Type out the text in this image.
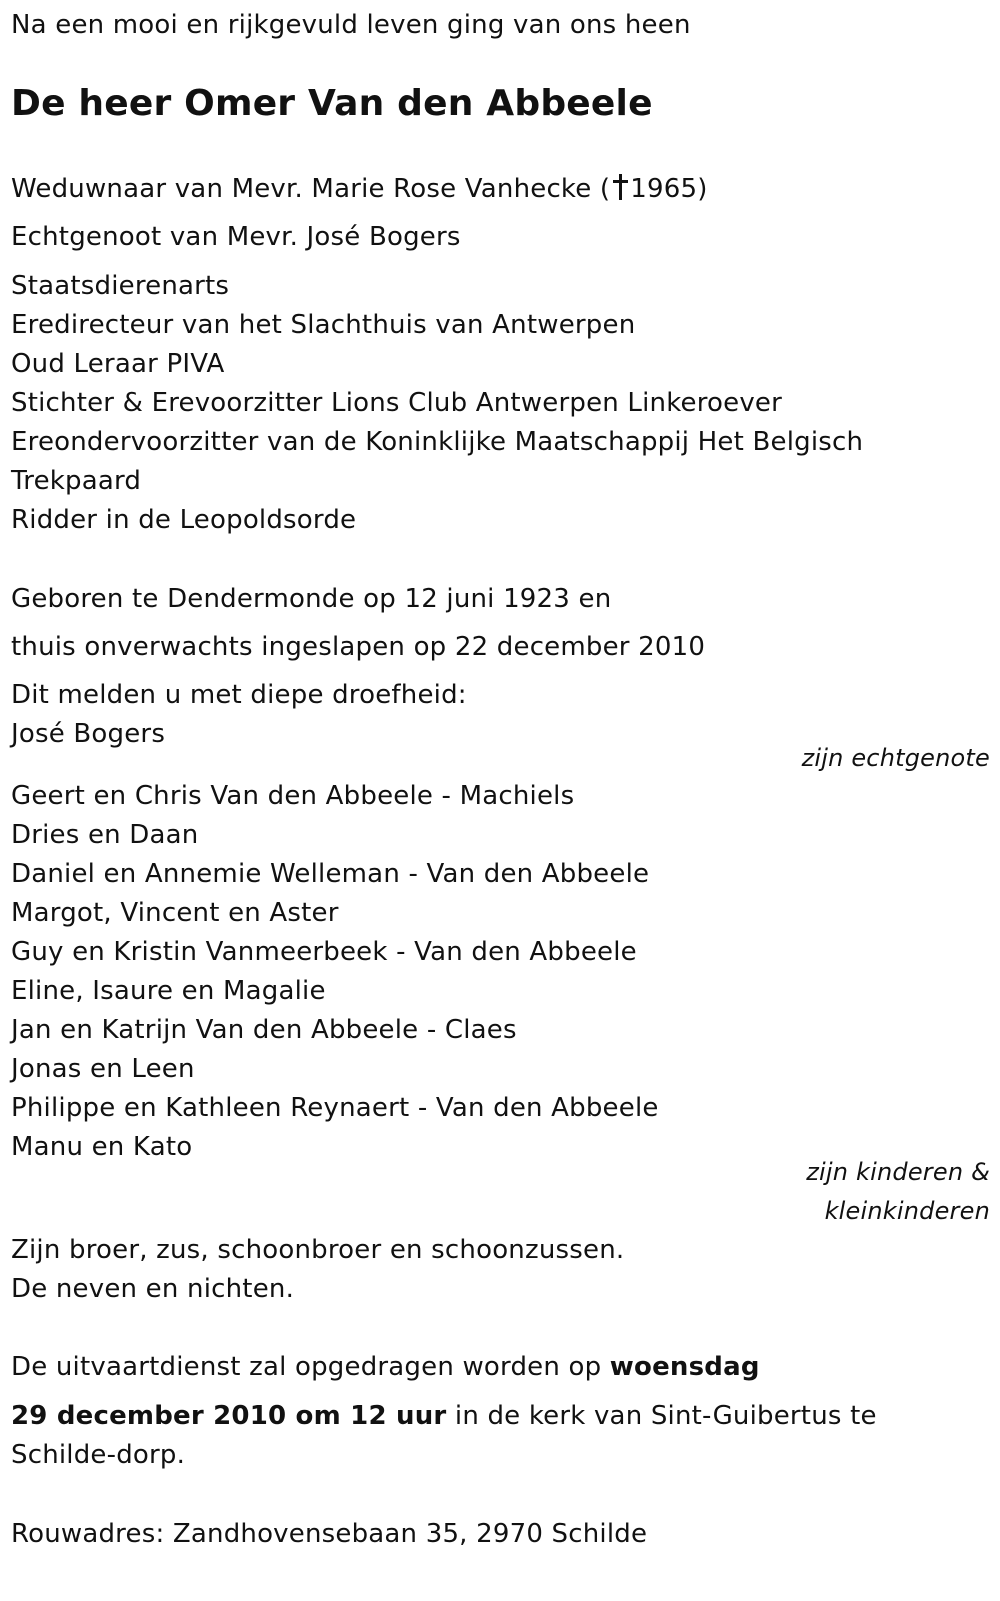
Na een mooi en rijkgevuld leven ging van ons heen
De heer Omer Van den Abbeele
Weduwnaar van Mevr. Marie Rose Vanhecke ( 1965)
Echtgenoot van Mevr. José Bogers
Staatsdierenarts
Eredirecteur van het Slachthuis van Antwerpen
Oud Leraar PIVA
Stichter & Erevoorzitter Lions Club Antwerpen Linkeroever
Ereondervoorzitter van de Koninklijke Maatschappij Het Belgisch
Trekpaard
Ridder in de Leopoldsorde
Geboren te Dendermonde op 12 juni 1923 en
thuis onverwachts ingeslapen op 22 december 2010
Dit melden u met diepe droefheid:
José Bogers
zijn echtgenote
Geert en Chris Van den Abbeele - Machiels
Dries en Daan
Daniel en Annemie Welleman - Van den Abbeele
Margot, Vincent en Aster
Guy en Kristin Vanmeerbeek - Van den Abbeele
Eline, Isaure en Magalie
Jan en Katrijn Van den Abbeele - Claes
Jonas en Leen
Philippe en Kathleen Reynaert - Van den Abbeele
Manu en Kato
zijn kinderen &
kleinkinderen
Zijn broer, zus, schoonbroer en schoonzussen.
De neven en nichten.
De uitvaartdienst zal opgedragen worden op woensdag
29 december 2010 om 12 uur in de kerk van Sint-Guibertus te
Schilde-dorp.
Rouwadres: Zandhovensebaan 35, 2970 Schilde
